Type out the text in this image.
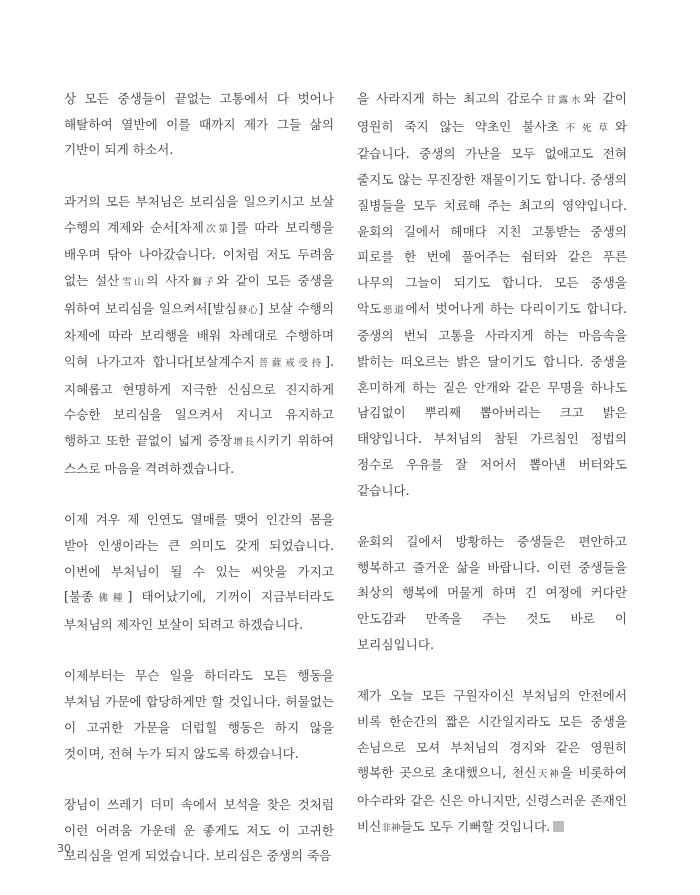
상 모든 중생들이 끝없는 고통에서 다 벗어나 해탈하여 열반에 이를 때까지 제가 그들 삶의 기반이 되게 하소서.

과거의 모든 부처님은 보리심을 일으키시고 보살 수행의 계제와 순서[차제次第]를 따라 보리행을 배우며 닦아 나아갔습니다. 이처럼 저도 두려움 없는 설산雪山의 사자獅子와 같이 모든 중생을 위하여 보리심을 일으켜서[발심發心] 보살 수행의 차제에 따라 보리행을 배워 차례대로 수행하며 익혀 나가고자 합니다[보살계수지菩薩戒受持]. 지혜롭고 현명하게 지극한 신심으로 진지하게 수승한 보리심을 일으켜서 지니고 유지하고 행하고 또한 끝없이 넓게 증장增長시키기 위하여 스스로 마음을 격려하겠습니다.

이제 겨우 제 인연도 열매를 맺어 인간의 몸을 받아 인생이라는 큰 의미도 갖게 되었습니다. 이번에 부처님이 될 수 있는 씨앗을 가지고[불종佛種] 태어났기에, 기꺼이 지금부터라도 부처님의 제자인 보살이 되려고 하겠습니다.

이제부터는 무슨 일을 하더라도 모든 행동을 부처님 가문에 합당하게만 할 것입니다. 허물없는 이 고귀한 가문을 더럽힐 행동은 하지 않을 것이며, 전혀 누가 되지 않도록 하겠습니다.

장님이 쓰레기 더미 속에서 보석을 찾은 것처럼 이런 어려움 가운데 운 좋게도 저도 이 고귀한 보리심을 얻게 되었습니다. 보리심은 중생의 죽음

을 사라지게 하는 최고의 감로수甘露水와 같이 영원히 죽지 않는 약초인 불사초不死草와 같습니다. 중생의 가난을 모두 없애고도 전혀 줄지도 않는 무진장한 재물이기도 합니다. 중생의 질병들을 모두 치료해 주는 최고의 영약입니다. 윤회의 길에서 헤매다 지친 고통받는 중생의 피로를 한 번에 풀어주는 쉼터와 같은 푸른 나무의 그늘이 되기도 합니다. 모든 중생을 악도惡道에서 벗어나게 하는 다리이기도 합니다. 중생의 번뇌 고통을 사라지게 하는 마음속을 밝히는 떠오르는 밝은 달이기도 합니다. 중생을 혼미하게 하는 짙은 안개와 같은 무명을 하나도 남김없이 뿌리째 뽑아버리는 크고 밝은 태양입니다. 부처님의 참된 가르침인 정법의 정수로 우유를 잘 저어서 뽑아낸 버터와도 같습니다.

윤회의 길에서 방황하는 중생들은 편안하고 행복하고 즐거운 삶을 바랍니다. 이런 중생들을 최상의 행복에 머물게 하며 긴 여정에 커다란 안도감과 만족을 주는 것도 바로 이 보리심입니다.

제가 오늘 모든 구원자이신 부처님의 안전에서 비록 한순간의 짧은 시간일지라도 모든 중생을 손님으로 모셔 부처님의 경지와 같은 영원히 행복한 곳으로 초대했으니, 천신天神을 비롯하여 아수라와 같은 신은 아니지만, 신령스러운 존재인 비신非神들도 모두 기뻐할 것입니다.

30
